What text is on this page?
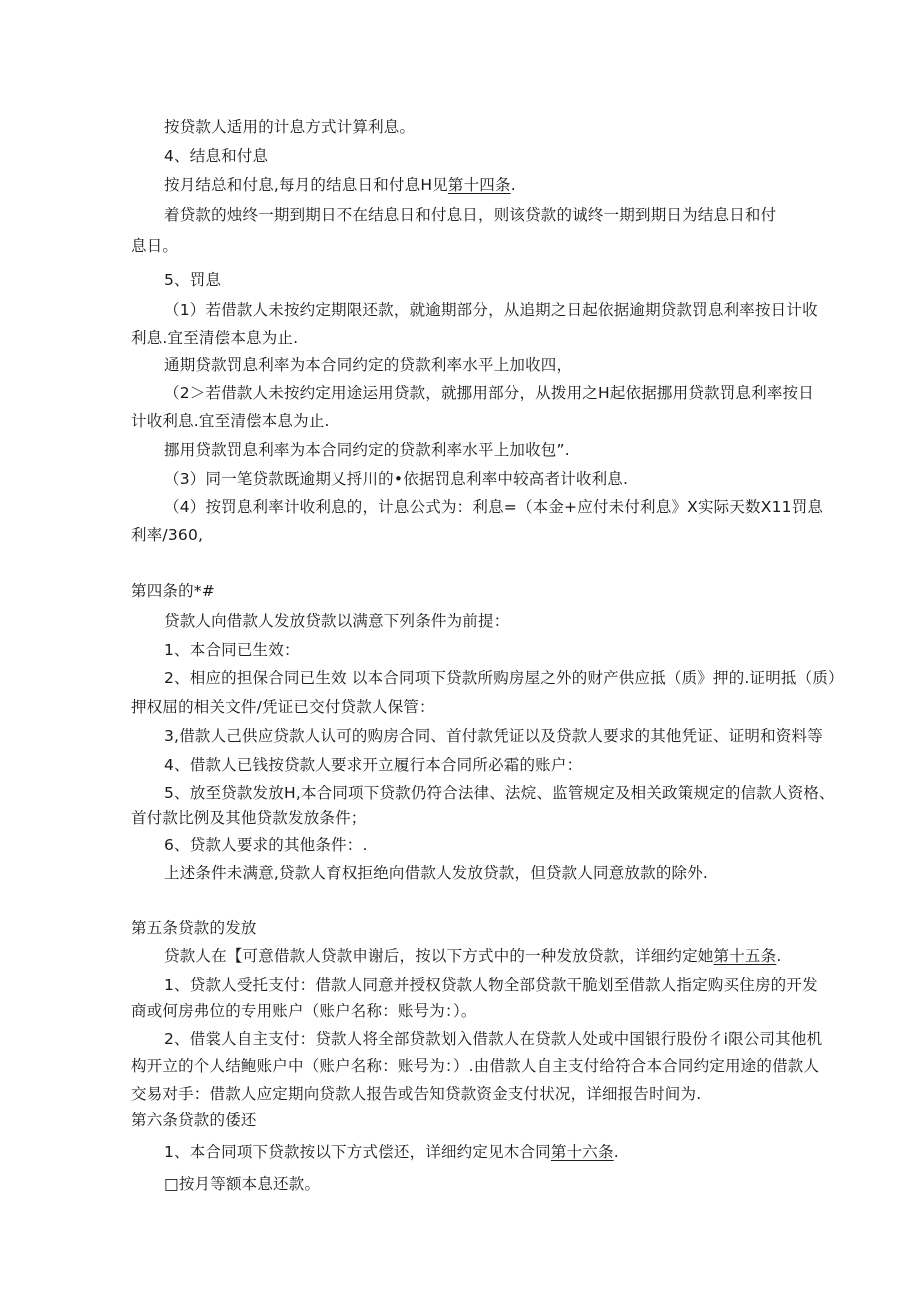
按贷款人适用的计息方式计算利息。
4、结息和付息
按月结总和付息,每月的结息日和付息H见第十四条.
着贷款的烛终一期到期日不在结息日和付息日，则该贷款的诚终一期到期日为结息日和付
息日。
5、罚息
（1）若借款人未按约定期限还款，就逾期部分，从追期之日起依据逾期贷款罚息利率按日计收
利息.宜至清偿本息为止.
通期贷款罚息利率为本合同约定的贷款利率水平上加收四，
（2＞若借款人未按约定用途运用贷款，就挪用部分，从拨用之H起依据挪用贷款罚息利率按日
计收利息.宜至清偿本息为止.
挪用贷款罚息利率为本合同约定的贷款利率水平上加收包”.
（3）同一笔贷款既逾期乂捋川的•依据罚息利率中较高者计收利息.
（4）按罚息利率计收利息的，计息公式为：利息=（本金+应付未付利息》X实际天数X11罚息
利率/360,
第四条的*#
贷款人向借款人发放贷款以满意下列条件为前提：
1、本合同已生效：
2、相应的担保合同已生效 以本合同项下贷款所购房屋之外的财产供应抵（质》押的.证明抵（质）
押权屈的相关文件/凭证已交付贷款人保管：
3,借款人己供应贷款人认可的购房合同、首付款凭证以及贷款人要求的其他凭证、证明和资料等
4、借款人已钱按贷款人要求开立履行本合同所必霜的账户：
5、放至贷款发放H,本合同项下贷款仍符合法律、法烷、监管规定及相关政策规定的信款人资格、
首付款比例及其他贷款发放条件；
6、贷款人要求的其他条件：.
上述条件未满意,贷款人育权拒绝向借款人发放贷款，但贷款人同意放款的除外.
第五条贷款的发放
贷款人在【可意借款人贷款申谢后，按以下方式中的一种发放贷款，详细约定她第十五条.
1、贷款人受托支付：借款人同意并授权贷款人物全部贷款干脆划至借款人指定购买住房的开发
商或何房弗位的专用账户（账户名称：账号为：）。
2、借裳人自主支付：贷款人将全部贷款划入借款人在贷款人处或中国银行股份彳i限公司其他机
构开立的个人结鲍账户中（账户名称：账号为：）.由借款人自主支付给符合本合同约定用途的借款人
交易对手：借款人应定期向贷款人报告或告知贷款资金支付状况，详细报告时间为.
第六条贷款的倭还
1、本合同项下贷款按以下方式偿还，详细约定见木合同第十六条.
□按月等额本息还款。
